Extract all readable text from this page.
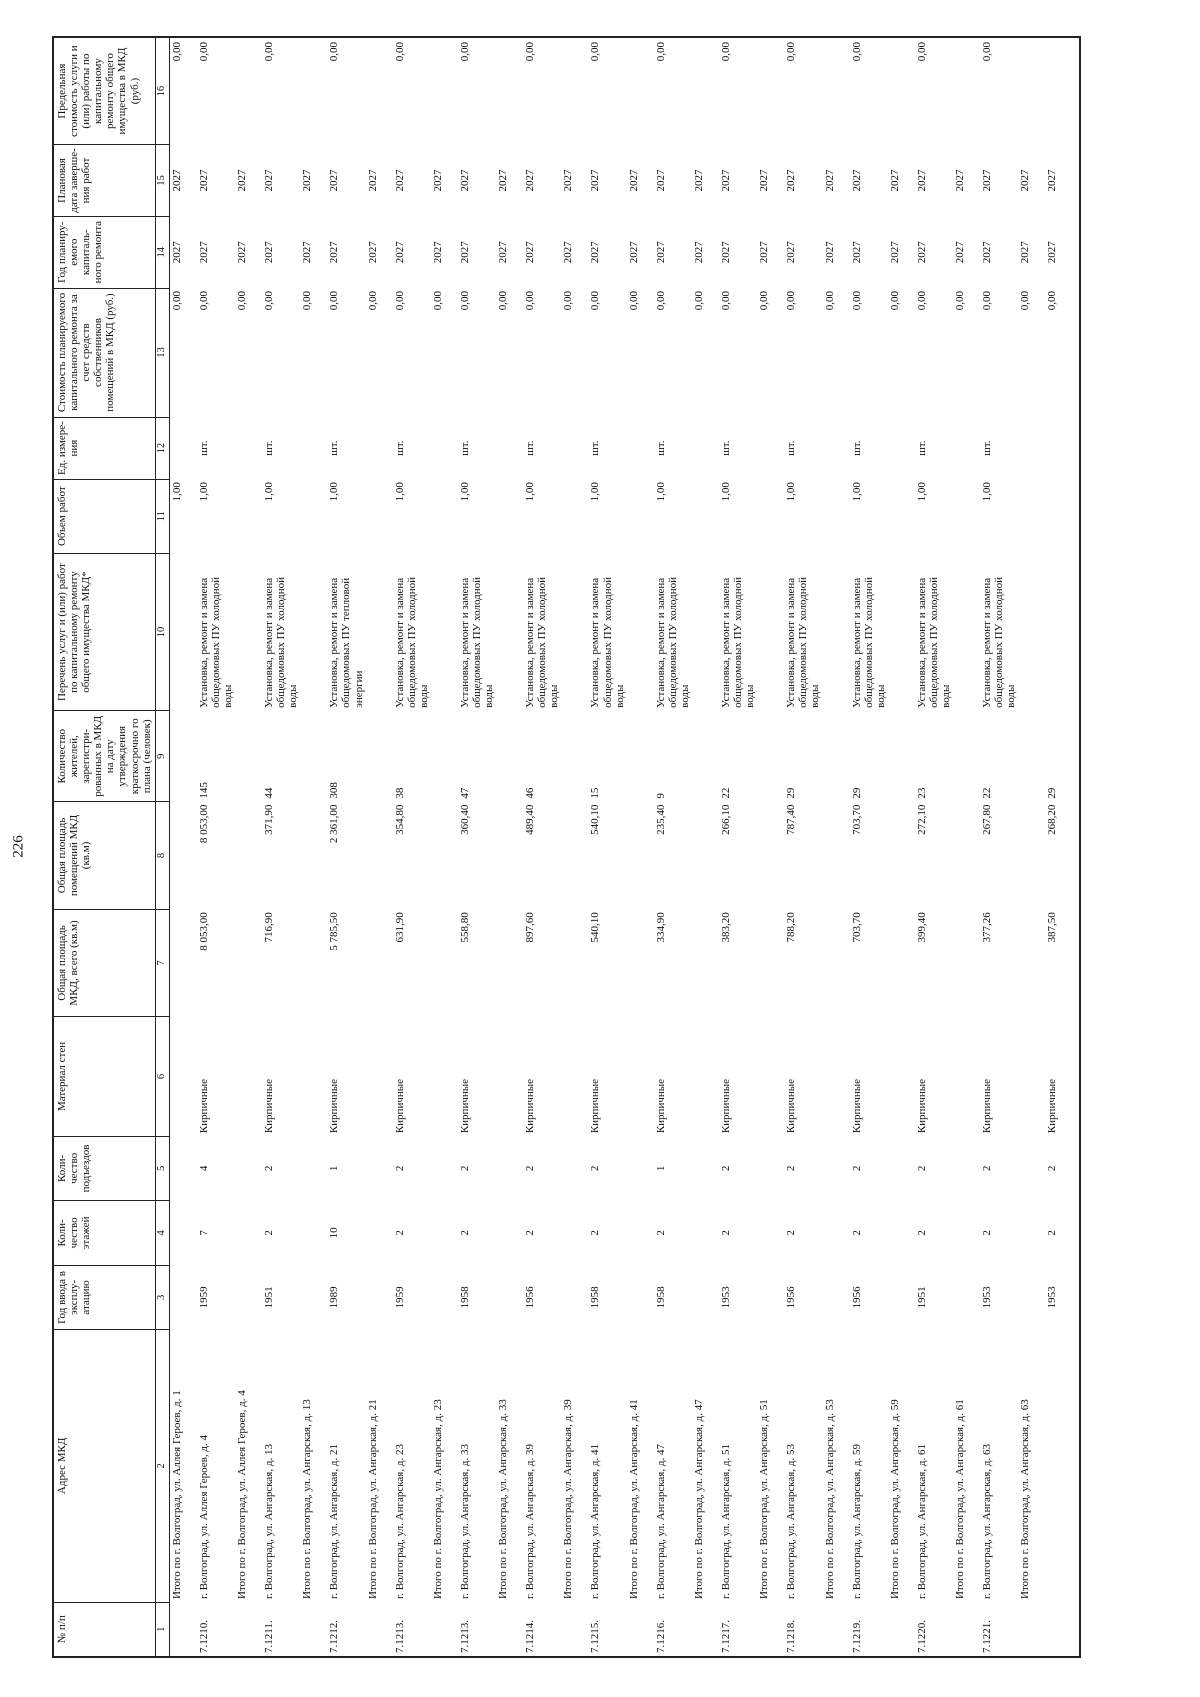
226
№ п/п	Адрес МКД	Год ввода в эксплу-атацию	Коли-чество этажей	Коли-чество подъездов	Материал стен	Общая площадь МКД, всего (кв.м)	Общая площадь помещений МКД (кв.м)	Количество жителей, зарегистри-рованных в МКД на дату утверждения краткосрочно го плана (человек)	Перечень услуг и (или) работ по капитальному ремонту общего имущества МКД*	Объем работ	Ед. измере-ния	Стоимость планируемого капитального ремонта за счет средств собственников помещений в МКД (руб.)	Год планиру-емого капиталь-ного ремонта	Плановая дата заверше-ния работ	Предельная стоимость услуги и (или) работы по капитальному ремонту общего имущества в МКД (руб.)
1	2	3	4	5	6	7	8	9	10	11	12	13	14	15	16
	Итого по г. Волгоград, ул. Аллея Героев, д. 1									1,00		0,00	2027	2027	0,00
7.1210.	г. Волгоград, ул. Аллея Героев, д. 4	1959	7	4	Кирпичные	8 053,00	8 053,00	145	Установка, ремонт и замена общедомовых ПУ холодной воды	1,00	шт.	0,00	2027	2027	0,00
	Итого по г. Волгоград, ул. Аллея Героев, д. 4											0,00	2027	2027	
7.1211.	г. Волгоград, ул. Ангарская, д. 13	1951	2	2	Кирпичные	716,90	371,90	44	Установка, ремонт и замена общедомовых ПУ холодной воды	1,00	шт.	0,00	2027	2027	0,00
	Итого по г. Волгоград, ул. Ангарская, д. 13											0,00	2027	2027	
7.1212.	г. Волгоград, ул. Ангарская, д. 21	1989	10	1	Кирпичные	5 785,50	2 361,00	308	Установка, ремонт и замена общедомовых ПУ тепловой энергии	1,00	шт.	0,00	2027	2027	0,00
	Итого по г. Волгоград, ул. Ангарская, д. 21											0,00	2027	2027	
7.1213.	г. Волгоград, ул. Ангарская, д. 23	1959	2	2	Кирпичные	631,90	354,80	38	Установка, ремонт и замена общедомовых ПУ холодной воды	1,00	шт.	0,00	2027	2027	0,00
	Итого по г. Волгоград, ул. Ангарская, д. 23											0,00	2027	2027	
7.1213.	г. Волгоград, ул. Ангарская, д. 33	1958	2	2	Кирпичные	558,80	360,40	47	Установка, ремонт и замена общедомовых ПУ холодной воды	1,00	шт.	0,00	2027	2027	0,00
	Итого по г. Волгоград, ул. Ангарская, д. 33											0,00	2027	2027	
7.1214.	г. Волгоград, ул. Ангарская, д. 39	1956	2	2	Кирпичные	897,60	489,40	46	Установка, ремонт и замена общедомовых ПУ холодной воды	1,00	шт.	0,00	2027	2027	0,00
	Итого по г. Волгоград, ул. Ангарская, д. 39											0,00	2027	2027	
7.1215.	г. Волгоград, ул. Ангарская, д. 41	1958	2	2	Кирпичные	540,10	540,10	15	Установка, ремонт и замена общедомовых ПУ холодной воды	1,00	шт.	0,00	2027	2027	0,00
	Итого по г. Волгоград, ул. Ангарская, д. 41											0,00	2027	2027	
7.1216.	г. Волгоград, ул. Ангарская, д. 47	1958	2	1	Кирпичные	334,90	235,40	9	Установка, ремонт и замена общедомовых ПУ холодной воды	1,00	шт.	0,00	2027	2027	0,00
	Итого по г. Волгоград, ул. Ангарская, д. 47											0,00	2027	2027	
7.1217.	г. Волгоград, ул. Ангарская, д. 51	1953	2	2	Кирпичные	383,20	266,10	22	Установка, ремонт и замена общедомовых ПУ холодной воды	1,00	шт.	0,00	2027	2027	0,00
	Итого по г. Волгоград, ул. Ангарская, д. 51											0,00	2027	2027	
7.1218.	г. Волгоград, ул. Ангарская, д. 53	1956	2	2	Кирпичные	788,20	787,40	29	Установка, ремонт и замена общедомовых ПУ холодной воды	1,00	шт.	0,00	2027	2027	0,00
	Итого по г. Волгоград, ул. Ангарская, д. 53											0,00	2027	2027	
7.1219.	г. Волгоград, ул. Ангарская, д. 59	1956	2	2	Кирпичные	703,70	703,70	29	Установка, ремонт и замена общедомовых ПУ холодной воды	1,00	шт.	0,00	2027	2027	0,00
	Итого по г. Волгоград, ул. Ангарская, д. 59											0,00	2027	2027	
7.1220.	г. Волгоград, ул. Ангарская, д. 61	1951	2	2	Кирпичные	399,40	272,10	23	Установка, ремонт и замена общедомовых ПУ холодной воды	1,00	шт.	0,00	2027	2027	0,00
	Итого по г. Волгоград, ул. Ангарская, д. 61											0,00	2027	2027	
7.1221.	г. Волгоград, ул. Ангарская, д. 63	1953	2	2	Кирпичные	377,26	267,80	22	Установка, ремонт и замена общедомовых ПУ холодной воды	1,00	шт.	0,00	2027	2027	0,00
	Итого по г. Волгоград, ул. Ангарская, д. 63											0,00	2027	2027	
		1953	2	2	Кирпичные	387,50	268,20	29				0,00	2027	2027	
